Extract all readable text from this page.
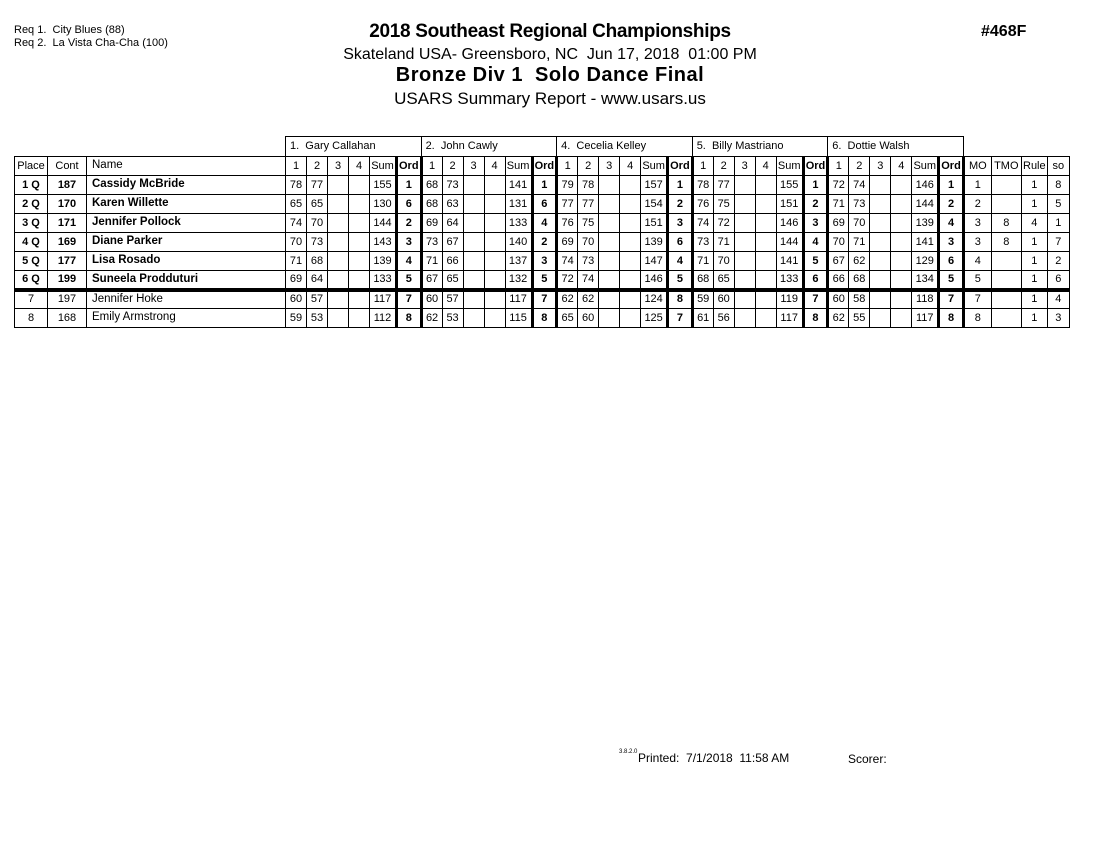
Req 1.  City Blues (88)
Req 2.  La Vista Cha-Cha (100)
2018 Southeast Regional Championships
Skateland USA- Greensboro, NC  Jun 17, 2018  01:00 PM
Bronze Div 1  Solo Dance Final
USARS Summary Report - www.usars.us
#468F
			1.  Gary Callahan						2.  John Cawly						4.  Cecelia Kelley						5.  Billy Mastriano						6.  Dottie Walsh									
Place	Cont	Name	1	2	3	4	Sum	Ord	1	2	3	4	Sum	Ord	1	2	3	4	Sum	Ord	1	2	3	4	Sum	Ord	1	2	3	4	Sum	Ord	MO	TMO	Rule	so
1 Q	187	Cassidy McBride	78	77			155	1	68	73			141	1	79	78			157	1	78	77			155	1	72	74			146	1	1		1	8
2 Q	170	Karen Willette	65	65			130	6	68	63			131	6	77	77			154	2	76	75			151	2	71	73			144	2	2		1	5
3 Q	171	Jennifer Pollock	74	70			144	2	69	64			133	4	76	75			151	3	74	72			146	3	69	70			139	4	3	8	4	1
4 Q	169	Diane Parker	70	73			143	3	73	67			140	2	69	70			139	6	73	71			144	4	70	71			141	3	3	8	1	7
5 Q	177	Lisa Rosado	71	68			139	4	71	66			137	3	74	73			147	4	71	70			141	5	67	62			129	6	4		1	2
6 Q	199	Suneela Prodduturi	69	64			133	5	67	65			132	5	72	74			146	5	68	65			133	6	66	68			134	5	5		1	6
7	197	Jennifer Hoke	60	57			117	7	60	57			117	7	62	62			124	8	59	60			119	7	60	58			118	7	7		1	4
8	168	Emily Armstrong	59	53			112	8	62	53			115	8	65	60			125	7	61	56			117	8	62	55			117	8	8		1	3
3.8.2.0 Printed:  7/1/2018  11:58 AM	Scorer:
